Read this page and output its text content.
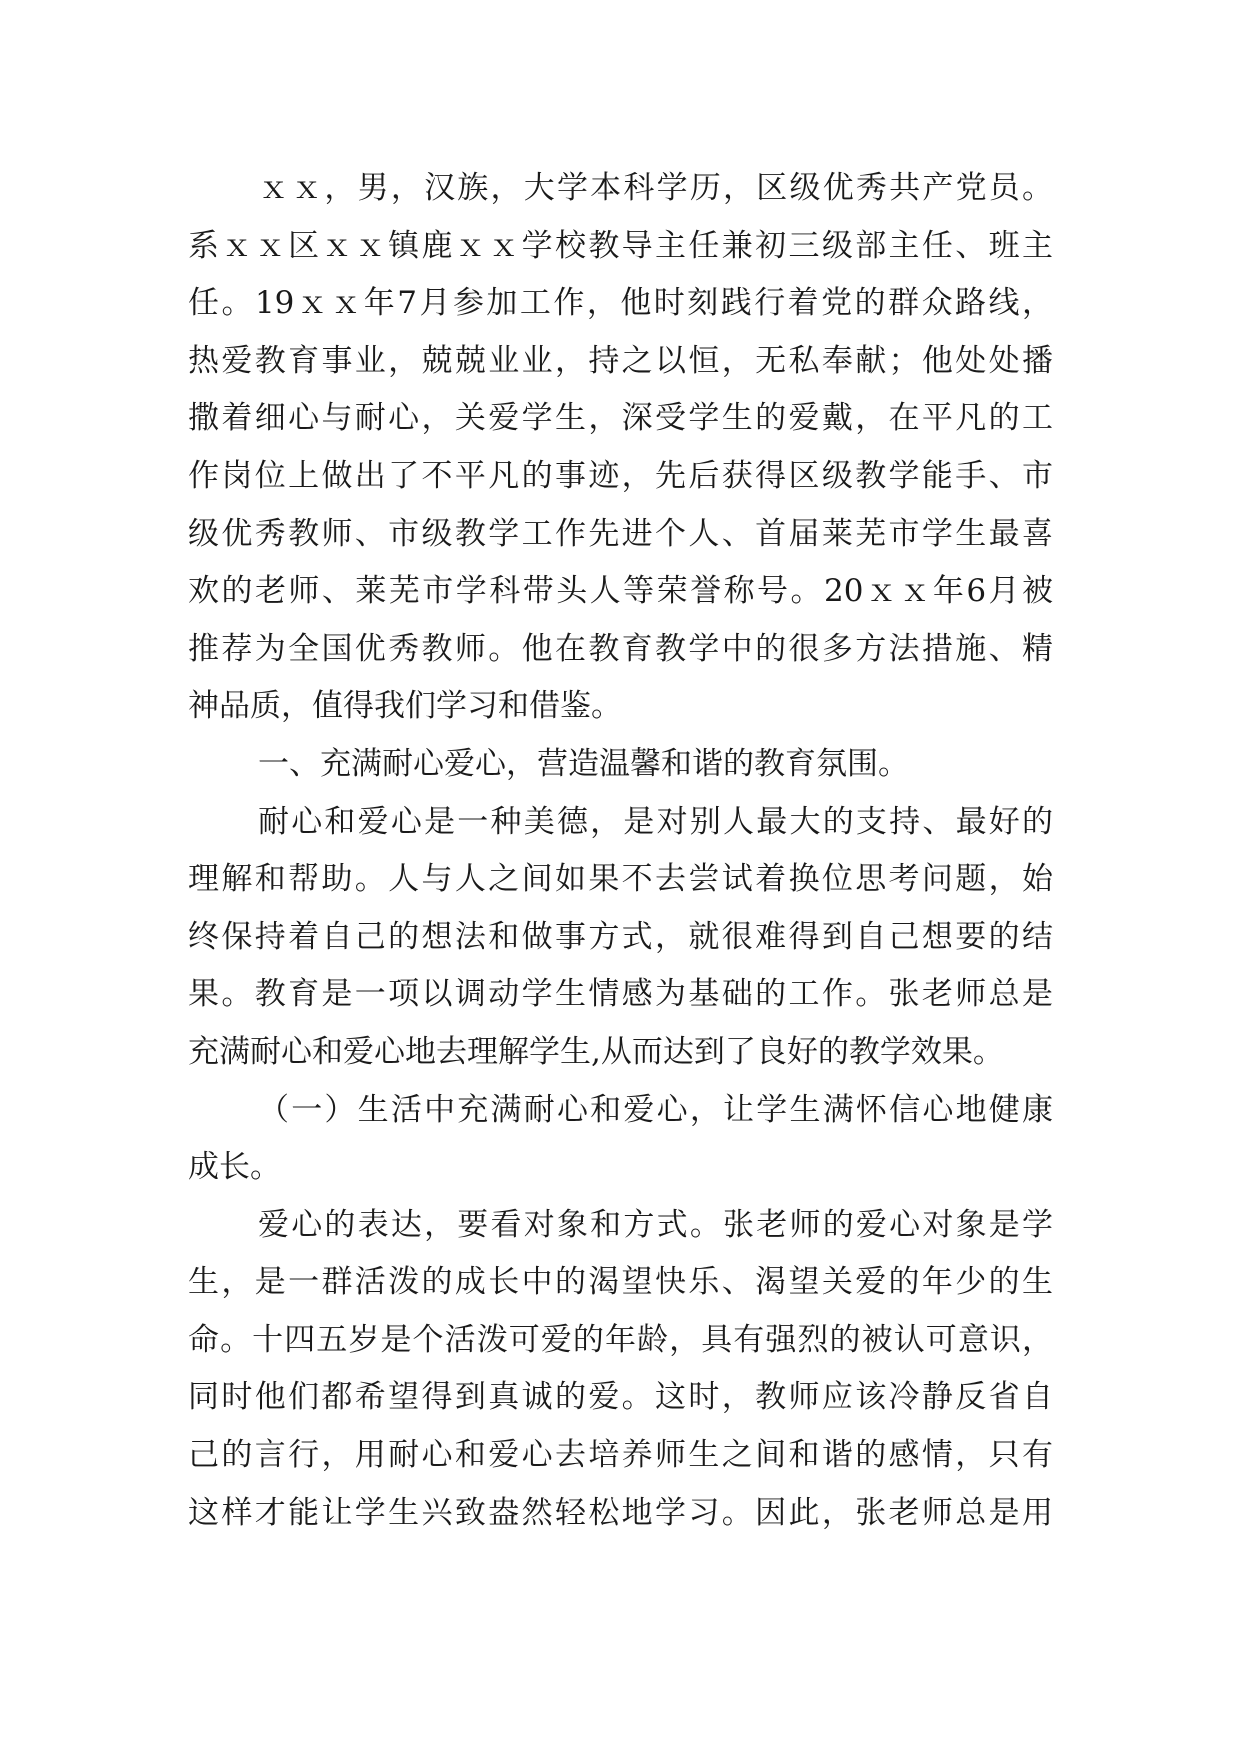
ｘｘ，男，汉族，大学本科学历，区级优秀共产党员。
系ｘｘ区ｘｘ镇鹿ｘｘ学校教导主任兼初三级部主任、班主
任。19ｘｘ年7月参加工作，他时刻践行着党的群众路线，
热爱教育事业，兢兢业业，持之以恒，无私奉献；他处处播
撒着细心与耐心，关爱学生，深受学生的爱戴，在平凡的工
作岗位上做出了不平凡的事迹，先后获得区级教学能手、市
级优秀教师、市级教学工作先进个人、首届莱芜市学生最喜
欢的老师、莱芜市学科带头人等荣誉称号。20ｘｘ年6月被
推荐为全国优秀教师。他在教育教学中的很多方法措施、精
神品质，值得我们学习和借鉴。
一、充满耐心爱心，营造温馨和谐的教育氛围。
耐心和爱心是一种美德，是对别人最大的支持、最好的
理解和帮助。人与人之间如果不去尝试着换位思考问题，始
终保持着自己的想法和做事方式，就很难得到自己想要的结
果。教育是一项以调动学生情感为基础的工作。张老师总是
充满耐心和爱心地去理解学生,从而达到了良好的教学效果。
（一）生活中充满耐心和爱心，让学生满怀信心地健康
成长。
爱心的表达，要看对象和方式。张老师的爱心对象是学
生，是一群活泼的成长中的渴望快乐、渴望关爱的年少的生
命。十四五岁是个活泼可爱的年龄，具有强烈的被认可意识，
同时他们都希望得到真诚的爱。这时，教师应该冷静反省自
己的言行，用耐心和爱心去培养师生之间和谐的感情，只有
这样才能让学生兴致盎然轻松地学习。因此，张老师总是用
